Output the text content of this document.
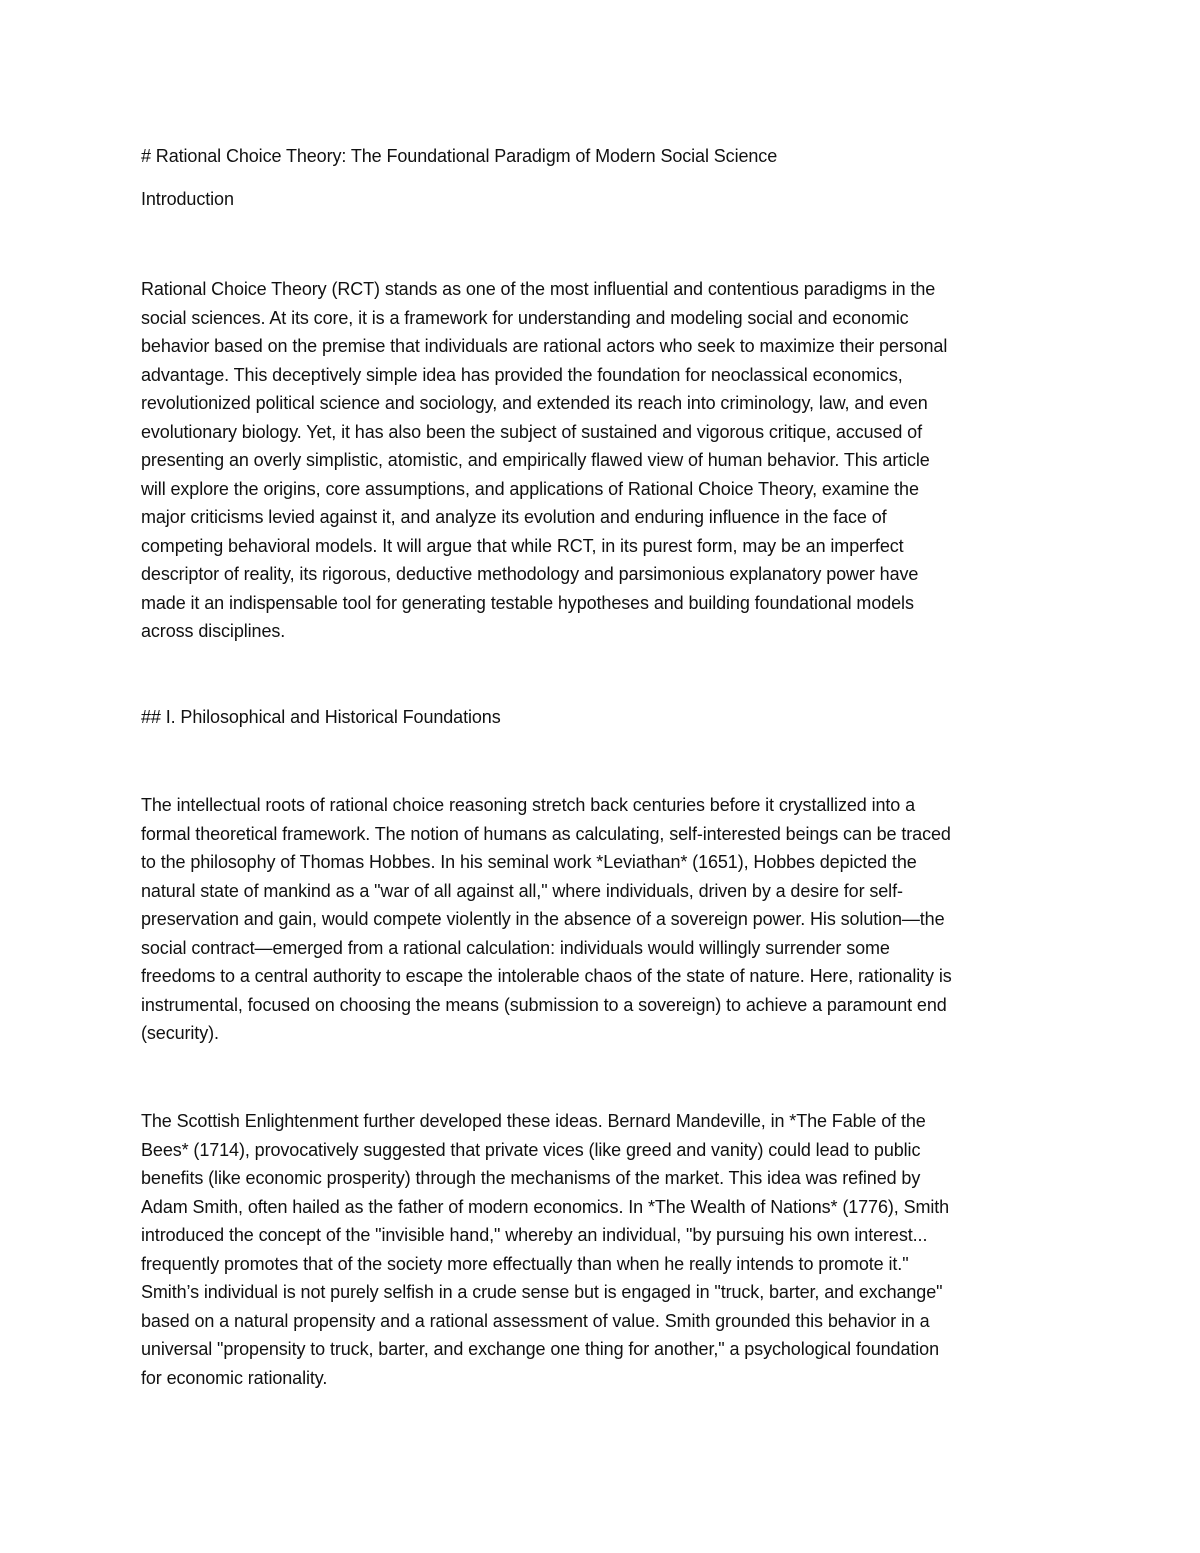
# Rational Choice Theory: The Foundational Paradigm of Modern Social Science

Introduction

Rational Choice Theory (RCT) stands as one of the most influential and contentious paradigms in the
social sciences. At its core, it is a framework for understanding and modeling social and economic
behavior based on the premise that individuals are rational actors who seek to maximize their personal
advantage. This deceptively simple idea has provided the foundation for neoclassical economics,
revolutionized political science and sociology, and extended its reach into criminology, law, and even
evolutionary biology. Yet, it has also been the subject of sustained and vigorous critique, accused of
presenting an overly simplistic, atomistic, and empirically flawed view of human behavior. This article
will explore the origins, core assumptions, and applications of Rational Choice Theory, examine the
major criticisms levied against it, and analyze its evolution and enduring influence in the face of
competing behavioral models. It will argue that while RCT, in its purest form, may be an imperfect
descriptor of reality, its rigorous, deductive methodology and parsimonious explanatory power have
made it an indispensable tool for generating testable hypotheses and building foundational models
across disciplines.

## I. Philosophical and Historical Foundations

The intellectual roots of rational choice reasoning stretch back centuries before it crystallized into a
formal theoretical framework. The notion of humans as calculating, self-interested beings can be traced
to the philosophy of Thomas Hobbes. In his seminal work *Leviathan* (1651), Hobbes depicted the
natural state of mankind as a "war of all against all," where individuals, driven by a desire for self-
preservation and gain, would compete violently in the absence of a sovereign power. His solution—the
social contract—emerged from a rational calculation: individuals would willingly surrender some
freedoms to a central authority to escape the intolerable chaos of the state of nature. Here, rationality is
instrumental, focused on choosing the means (submission to a sovereign) to achieve a paramount end
(security).
The Scottish Enlightenment further developed these ideas. Bernard Mandeville, in *The Fable of the
Bees* (1714), provocatively suggested that private vices (like greed and vanity) could lead to public
benefits (like economic prosperity) through the mechanisms of the market. This idea was refined by
Adam Smith, often hailed as the father of modern economics. In *The Wealth of Nations* (1776), Smith
introduced the concept of the "invisible hand," whereby an individual, "by pursuing his own interest...
frequently promotes that of the society more effectually than when he really intends to promote it."
Smith’s individual is not purely selfish in a crude sense but is engaged in "truck, barter, and exchange"
based on a natural propensity and a rational assessment of value. Smith grounded this behavior in a
universal "propensity to truck, barter, and exchange one thing for another," a psychological foundation
for economic rationality.
